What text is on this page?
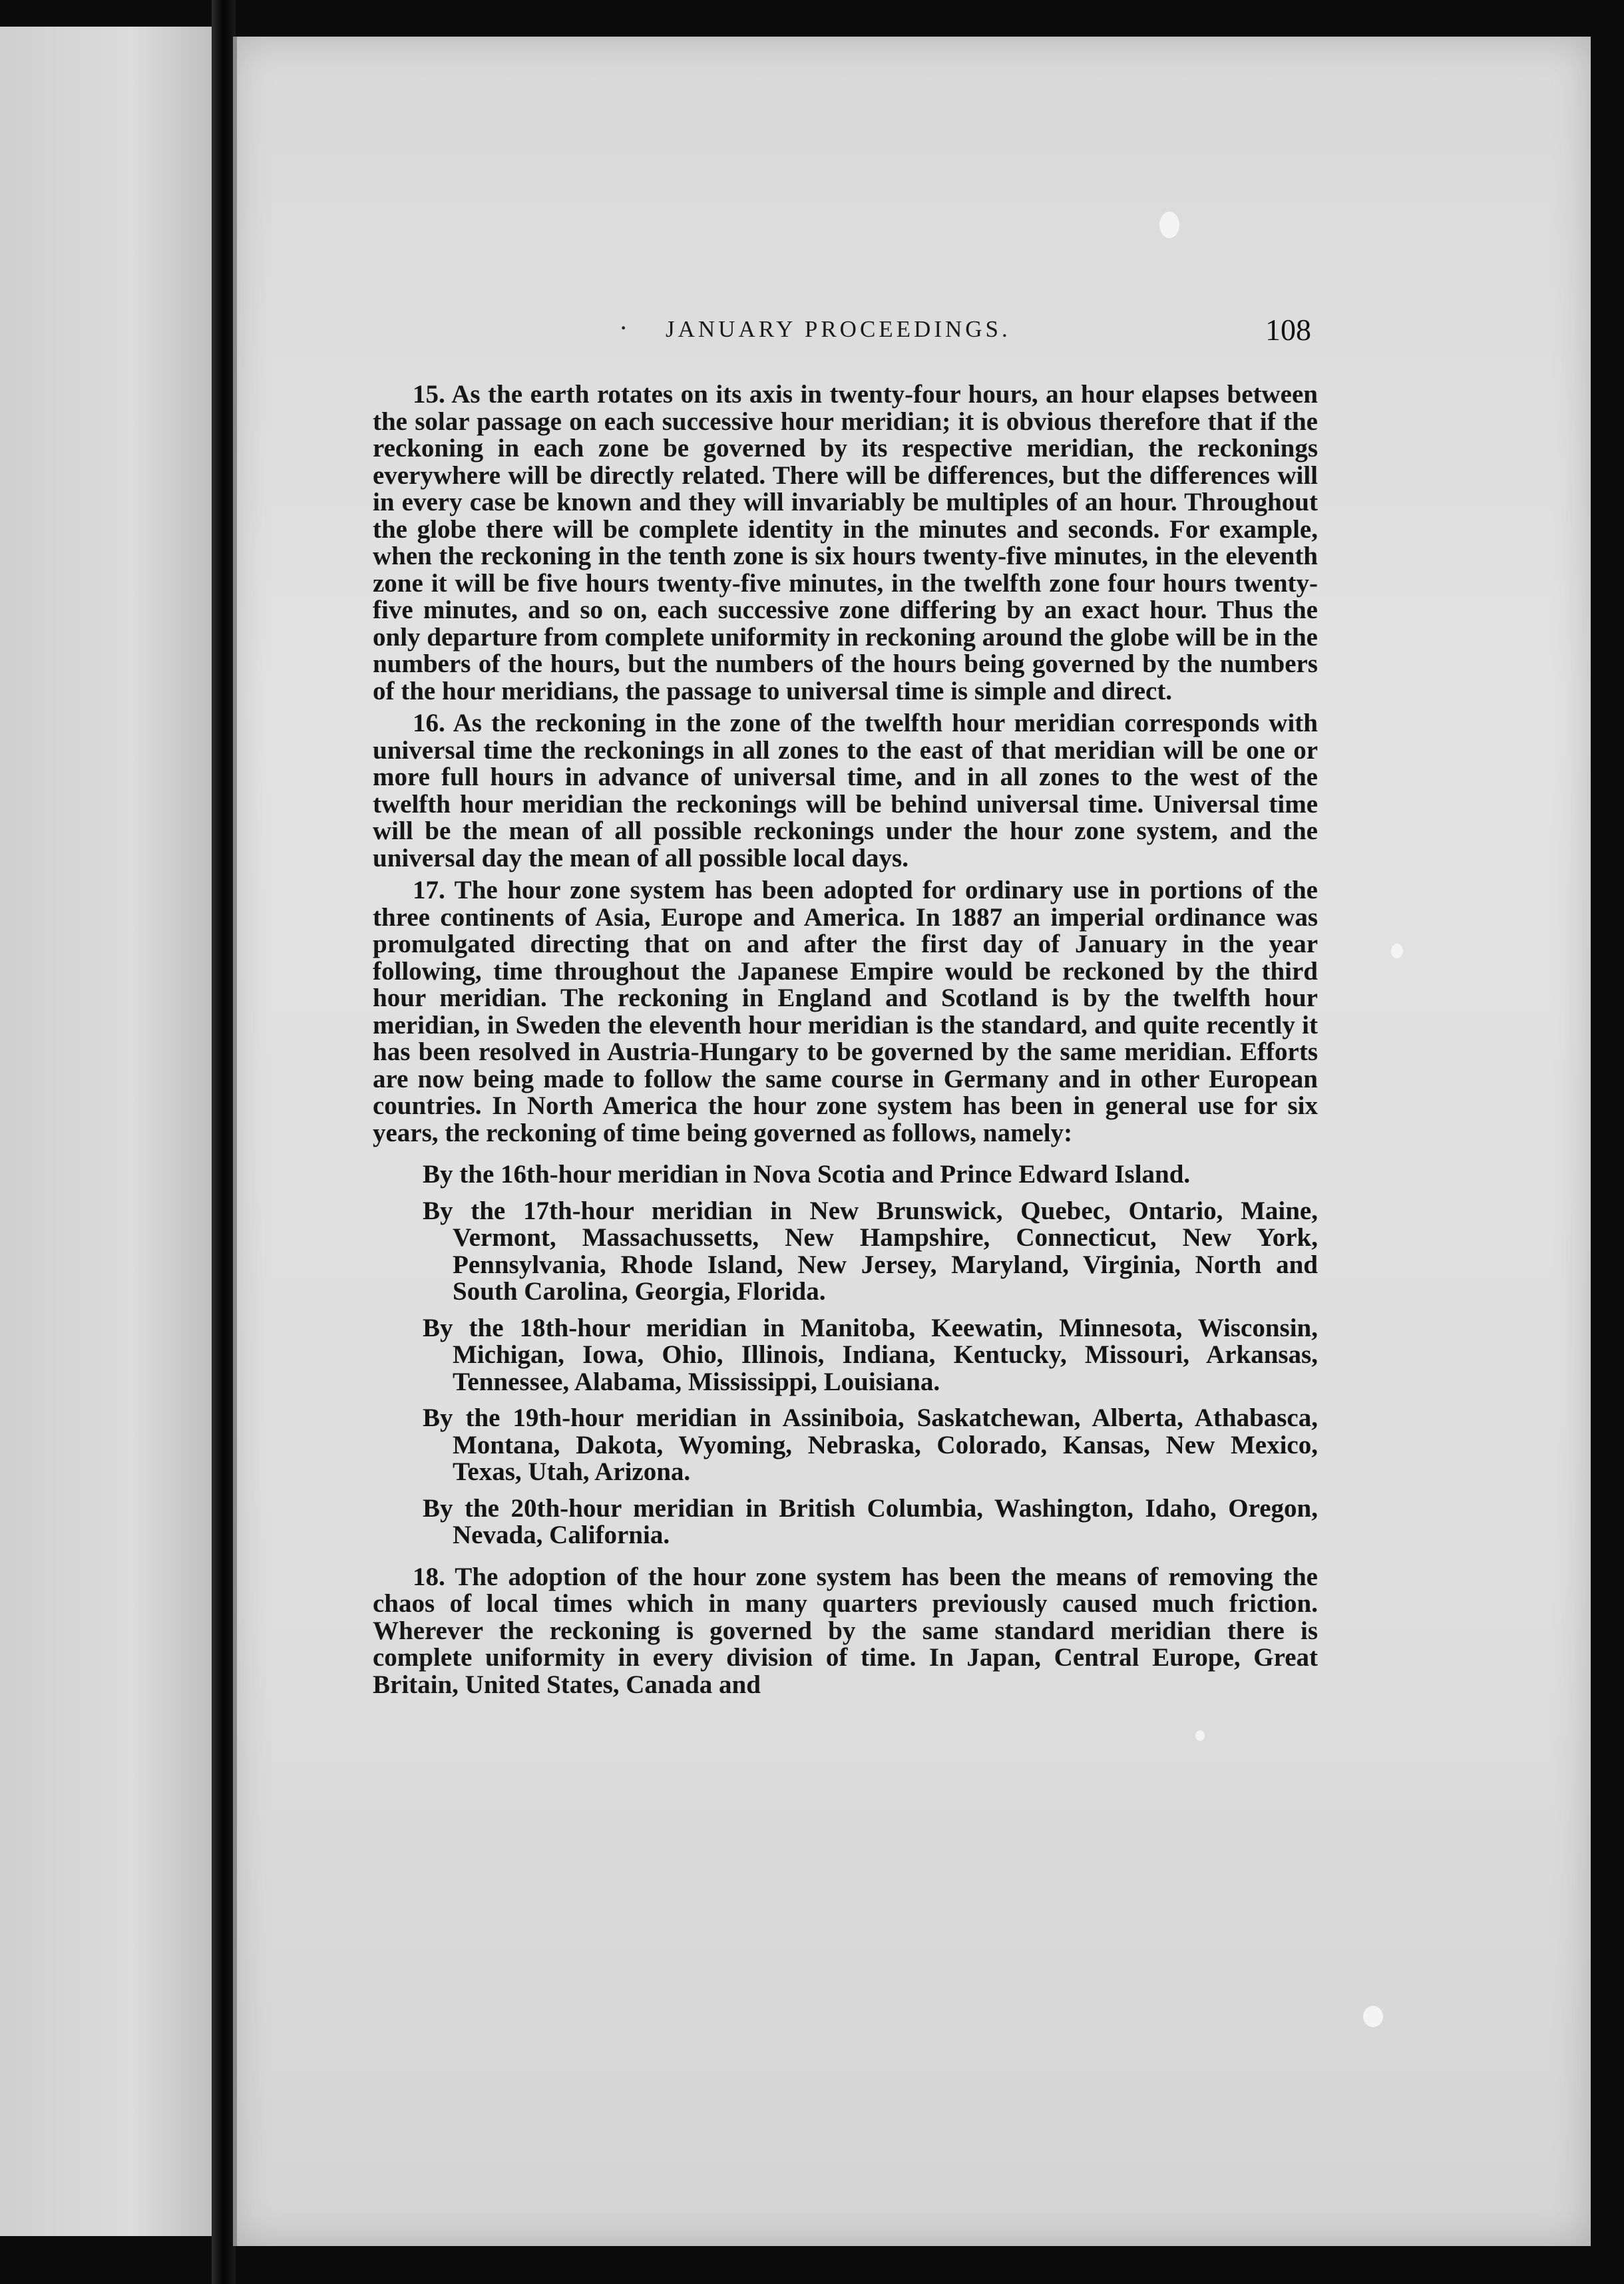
· JANUARY PROCEEDINGS.	108

15. As the earth rotates on its axis in twenty-four hours, an hour elapses between the solar passage on each successive hour meridian; it is obvious therefore that if the reckoning in each zone be governed by its respective meridian, the reckonings everywhere will be directly related. There will be differences, but the differences will in every case be known and they will invariably be multiples of an hour. Throughout the globe there will be complete identity in the minutes and seconds. For example, when the reckoning in the tenth zone is six hours twenty-five minutes, in the eleventh zone it will be five hours twenty-five minutes, in the twelfth zone four hours twenty-five minutes, and so on, each successive zone differing by an exact hour. Thus the only departure from complete uniformity in reckoning around the globe will be in the numbers of the hours, but the numbers of the hours being governed by the numbers of the hour meridians, the passage to universal time is simple and direct.

16. As the reckoning in the zone of the twelfth hour meridian corresponds with universal time the reckonings in all zones to the east of that meridian will be one or more full hours in advance of universal time, and in all zones to the west of the twelfth hour meridian the reckonings will be behind universal time. Universal time will be the mean of all possible reckonings under the hour zone system, and the universal day the mean of all possible local days.

17. The hour zone system has been adopted for ordinary use in portions of the three continents of Asia, Europe and America. In 1887 an imperial ordinance was promulgated directing that on and after the first day of January in the year following, time throughout the Japanese Empire would be reckoned by the third hour meridian. The reckoning in England and Scotland is by the twelfth hour meridian, in Sweden the eleventh hour meridian is the standard, and quite recently it has been resolved in Austria-Hungary to be governed by the same meridian. Efforts are now being made to follow the same course in Germany and in other European countries. In North America the hour zone system has been in general use for six years, the reckoning of time being governed as follows, namely:

By the 16th-hour meridian in Nova Scotia and Prince Edward Island.
By the 17th-hour meridian in New Brunswick, Quebec, Ontario, Maine, Vermont, Massachussetts, New Hampshire, Connecticut, New York, Pennsylvania, Rhode Island, New Jersey, Maryland, Virginia, North and South Carolina, Georgia, Florida.
By the 18th-hour meridian in Manitoba, Keewatin, Minnesota, Wisconsin, Michigan, Iowa, Ohio, Illinois, Indiana, Kentucky, Missouri, Arkansas, Tennessee, Alabama, Mississippi, Louisiana.
By the 19th-hour meridian in Assiniboia, Saskatchewan, Alberta, Athabasca, Montana, Dakota, Wyoming, Nebraska, Colorado, Kansas, New Mexico, Texas, Utah, Arizona.
By the 20th-hour meridian in British Columbia, Washington, Idaho, Oregon, Nevada, California.

18. The adoption of the hour zone system has been the means of removing the chaos of local times which in many quarters previously caused much friction. Wherever the reckoning is governed by the same standard meridian there is complete uniformity in every division of time. In Japan, Central Europe, Great Britain, United States, Canada and
